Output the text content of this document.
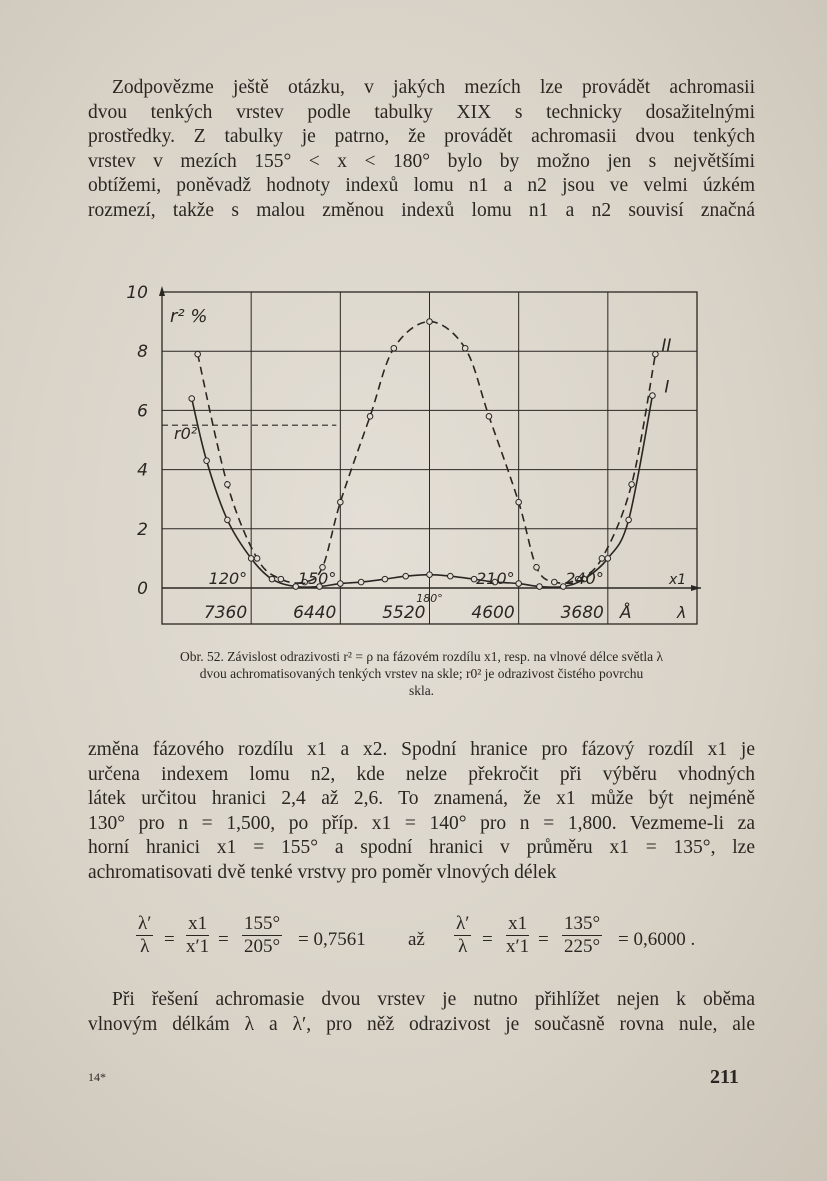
Zodpovězme ještě otázku, v jakých mezích lze provádět achromasii
dvou tenkých vrstev podle tabulky XIX s technicky dosažitelnými
prostředky. Z tabulky je patrno, že provádět achromasii dvou tenkých
vrstev v mezích 155° < x < 180° bylo by možno jen s největšími
obtížemi, poněvadž hodnoty indexů lomu n1 a n2 jsou ve velmi úzkém
rozmezí, takže s malou změnou indexů lomu n1 a n2 souvisí značná
r0²
0
2
4
6
8
10
r² %
120°	150°	210°	240°
180°
x1
7360	6440	5520	4600	3680 Å	λ
I
II
Obr. 52. Závislost odrazivosti r² = ρ na fázovém rozdílu x1, resp. na vlnové délce světla λ
dvou achromatisovaných tenkých vrstev na skle; r0² je odrazivost čistého povrchu
skla.
změna fázového rozdílu x1 a x2. Spodní hranice pro fázový rozdíl x1 je
určena indexem lomu n2, kde nelze překročit při výběru vhodných
látek určitou hranici 2,4 až 2,6. To znamená, že x1 může být nejméně
130° pro n = 1,500, po příp. x1 = 140° pro n = 1,800. Vezmeme-li za
horní hranici x1 = 155° a spodní hranici v průměru x1 = 135°, lze
achromatisovati dvě tenké vrstvy pro poměr vlnových délek
$\frac{\lambda'}{\lambda} = \frac{x1}{x'1} = \frac{155^\circ}{205^\circ} = 0,7561$ až $\frac{\lambda'}{\lambda} = \frac{x1}{x'1} = \frac{135^\circ}{225^\circ} = 0,6000$ .
Při řešení achromasie dvou vrstev je nutno přihlížet nejen k oběma
vlnovým délkám λ a λ′, pro něž odrazivost je současně rovna nule, ale
14*	211
